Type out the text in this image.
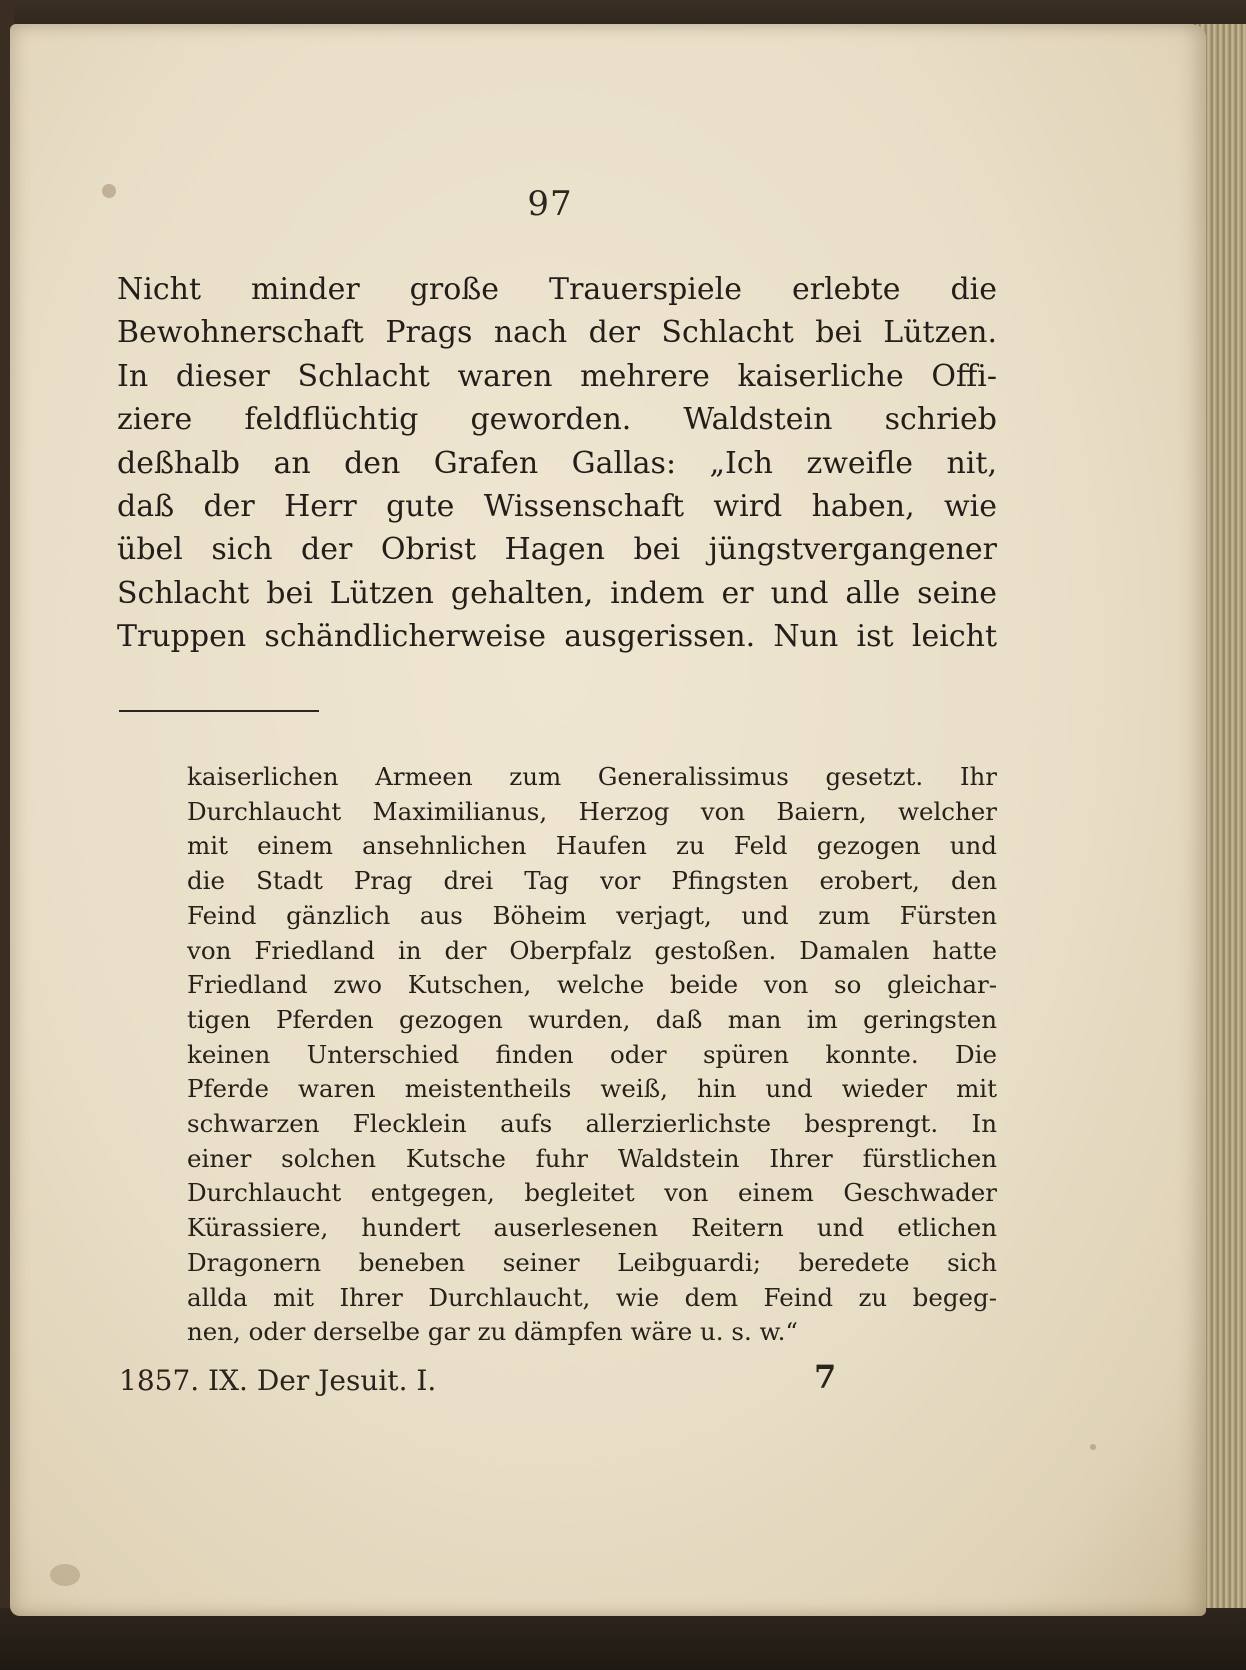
97
Nicht minder große Trauerspiele erlebte die
Bewohnerschaft Prags nach der Schlacht bei Lützen.
In dieser Schlacht waren mehrere kaiserliche Offi-
ziere feldflüchtig geworden. Waldstein schrieb
deßhalb an den Grafen Gallas: „Ich zweifle nit,
daß der Herr gute Wissenschaft wird haben, wie
übel sich der Obrist Hagen bei jüngstvergangener
Schlacht bei Lützen gehalten, indem er und alle seine
Truppen schändlicherweise ausgerissen. Nun ist leicht
kaiserlichen Armeen zum Generalissimus gesetzt. Ihr
Durchlaucht Maximilianus, Herzog von Baiern, welcher
mit einem ansehnlichen Haufen zu Feld gezogen und
die Stadt Prag drei Tag vor Pfingsten erobert, den
Feind gänzlich aus Böheim verjagt, und zum Fürsten
von Friedland in der Oberpfalz gestoßen. Damalen hatte
Friedland zwo Kutschen, welche beide von so gleichar-
tigen Pferden gezogen wurden, daß man im geringsten
keinen Unterschied finden oder spüren konnte. Die
Pferde waren meistentheils weiß, hin und wieder mit
schwarzen Flecklein aufs allerzierlichste besprengt. In
einer solchen Kutsche fuhr Waldstein Ihrer fürstlichen
Durchlaucht entgegen, begleitet von einem Geschwader
Kürassiere, hundert auserlesenen Reitern und etlichen
Dragonern beneben seiner Leibguardi; beredete sich
allda mit Ihrer Durchlaucht, wie dem Feind zu begeg-
nen, oder derselbe gar zu dämpfen wäre u. s. w.“
1857. IX. Der Jesuit. I.	7
